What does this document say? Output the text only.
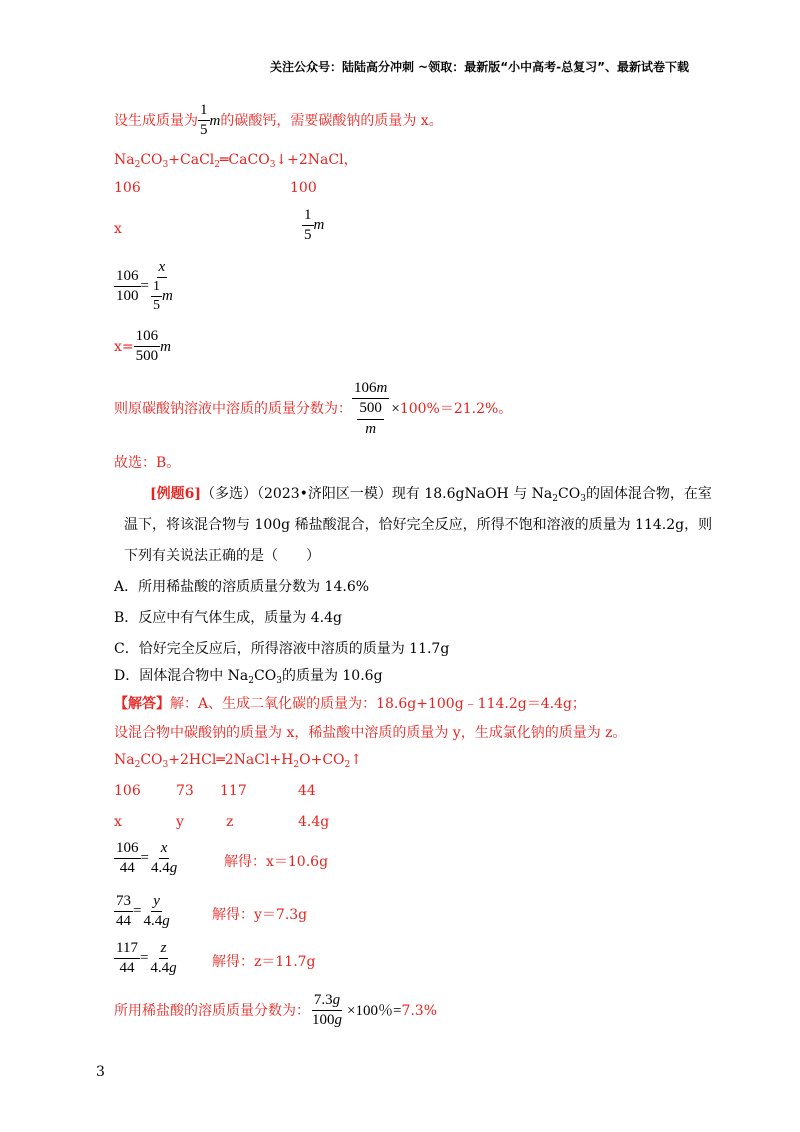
关注公众号：陆陆高分冲刺 ~领取：最新版“小中高考-总复习”、最新试卷下载
设生成质量为 $\frac{1}{5}$ m的碳酸钙，需要碳酸钠的质量为 x。
$Na_2CO_3+CaCl_2═CaCO_3↓+2NaCl$，
106	100
x	$\frac{1}{5}$ m
$\frac{106}{100} = \frac{x}{\frac{1}{5} m}$
$x= \frac{106}{500}$ m
则原碳酸钠溶液中溶质的质量分数为：
106m
500
m
×100%＝21.2%。
故选：B。
[例题6]（多选）（2023•济阳区一模）现有 18.6gNaOH 与 $Na_2CO_3$的固体混合物，在室
温下，将该混合物与 100g 稀盐酸混合，恰好完全反应，所得不饱和溶液的质量为 114.2g，则
下列有关说法正确的是（　　）
A．所用稀盐酸的溶质质量分数为 14.6%
B．反应中有气体生成，质量为 4.4g
C．恰好完全反应后，所得溶液中溶质的质量为 11.7g
D．固体混合物中 $Na_2CO_3$的质量为 10.6g
【解答】解：A、生成二氧化碳的质量为：18.6g+100g﹣114.2g＝4.4g；
设混合物中碳酸钠的质量为 x，稀盐酸中溶质的质量为 y，生成氯化钠的质量为 z。
$Na_2CO_3+2HCl═2NaCl+H_2O+CO_2↑$
106	73 117	44
x	y	z	4.4g
$\frac{106}{44} = \frac{x}{4.4g}$	解得：x＝10.6g
$\frac{73}{44} = \frac{y}{4.4g}$	解得：y＝7.3g
$\frac{117}{44} = \frac{z}{4.4g}$ 解得：z＝11.7g
所用稀盐酸的溶质质量分数为： $\frac{7.3g}{100g} \times 100$％=7.3%
3
